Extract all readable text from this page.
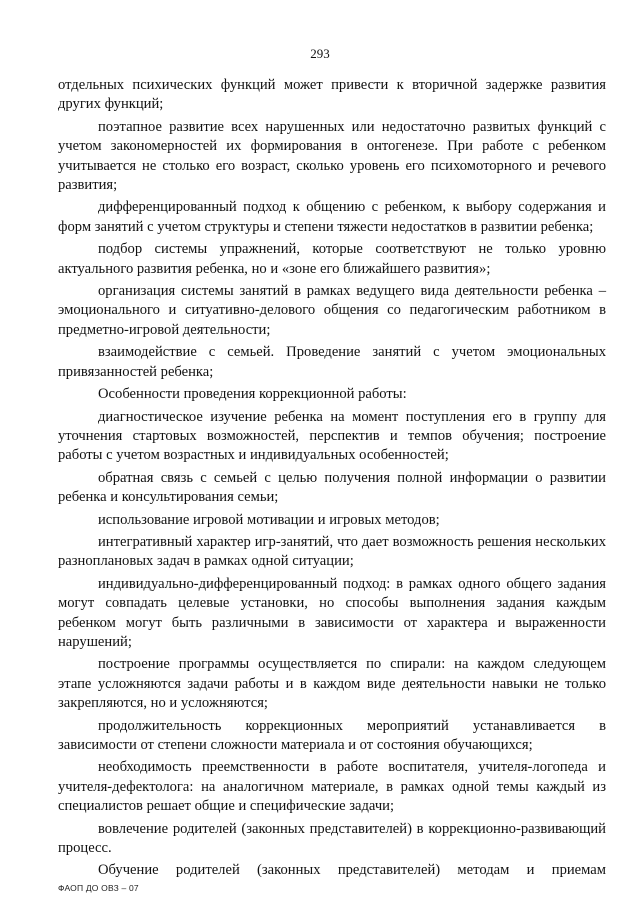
293

отдельных психических функций может привести к вторичной задержке развития других функций;

поэтапное развитие всех нарушенных или недостаточно развитых функций с учетом закономерностей их формирования в онтогенезе. При работе с ребенком учитывается не столько его возраст, сколько уровень его психомоторного и речевого развития;

дифференцированный подход к общению с ребенком, к выбору содержания и форм занятий с учетом структуры и степени тяжести недостатков в развитии ребенка;

подбор системы упражнений, которые соответствуют не только уровню актуального развития ребенка, но и «зоне его ближайшего развития»;

организация системы занятий в рамках ведущего вида деятельности ребенка – эмоционального и ситуативно-делового общения со педагогическим работником в предметно-игровой деятельности;

взаимодействие с семьей. Проведение занятий с учетом эмоциональных привязанностей ребенка;

Особенности проведения коррекционной работы:

диагностическое изучение ребенка на момент поступления его в группу для уточнения стартовых возможностей, перспектив и темпов обучения; построение работы с учетом возрастных и индивидуальных особенностей;

обратная связь с семьей с целью получения полной информации о развитии ребенка и консультирования семьи;

использование игровой мотивации и игровых методов;

интегративный характер игр-занятий, что дает возможность решения нескольких разноплановых задач в рамках одной ситуации;

индивидуально-дифференцированный подход: в рамках одного общего задания могут совпадать целевые установки, но способы выполнения задания каждым ребенком могут быть различными в зависимости от характера и выраженности нарушений;

построение программы осуществляется по спирали: на каждом следующем этапе усложняются задачи работы и в каждом виде деятельности навыки не только закрепляются, но и усложняются;

продолжительность коррекционных мероприятий устанавливается в зависимости от степени сложности материала и от состояния обучающихся;

необходимость преемственности в работе воспитателя, учителя-логопеда и учителя-дефектолога: на аналогичном материале, в рамках одной темы каждый из специалистов решает общие и специфические задачи;

вовлечение родителей (законных представителей) в коррекционно-развивающий процесс.

Обучение родителей (законных представителей) методам и приемам

ФАОП ДО ОВЗ – 07
